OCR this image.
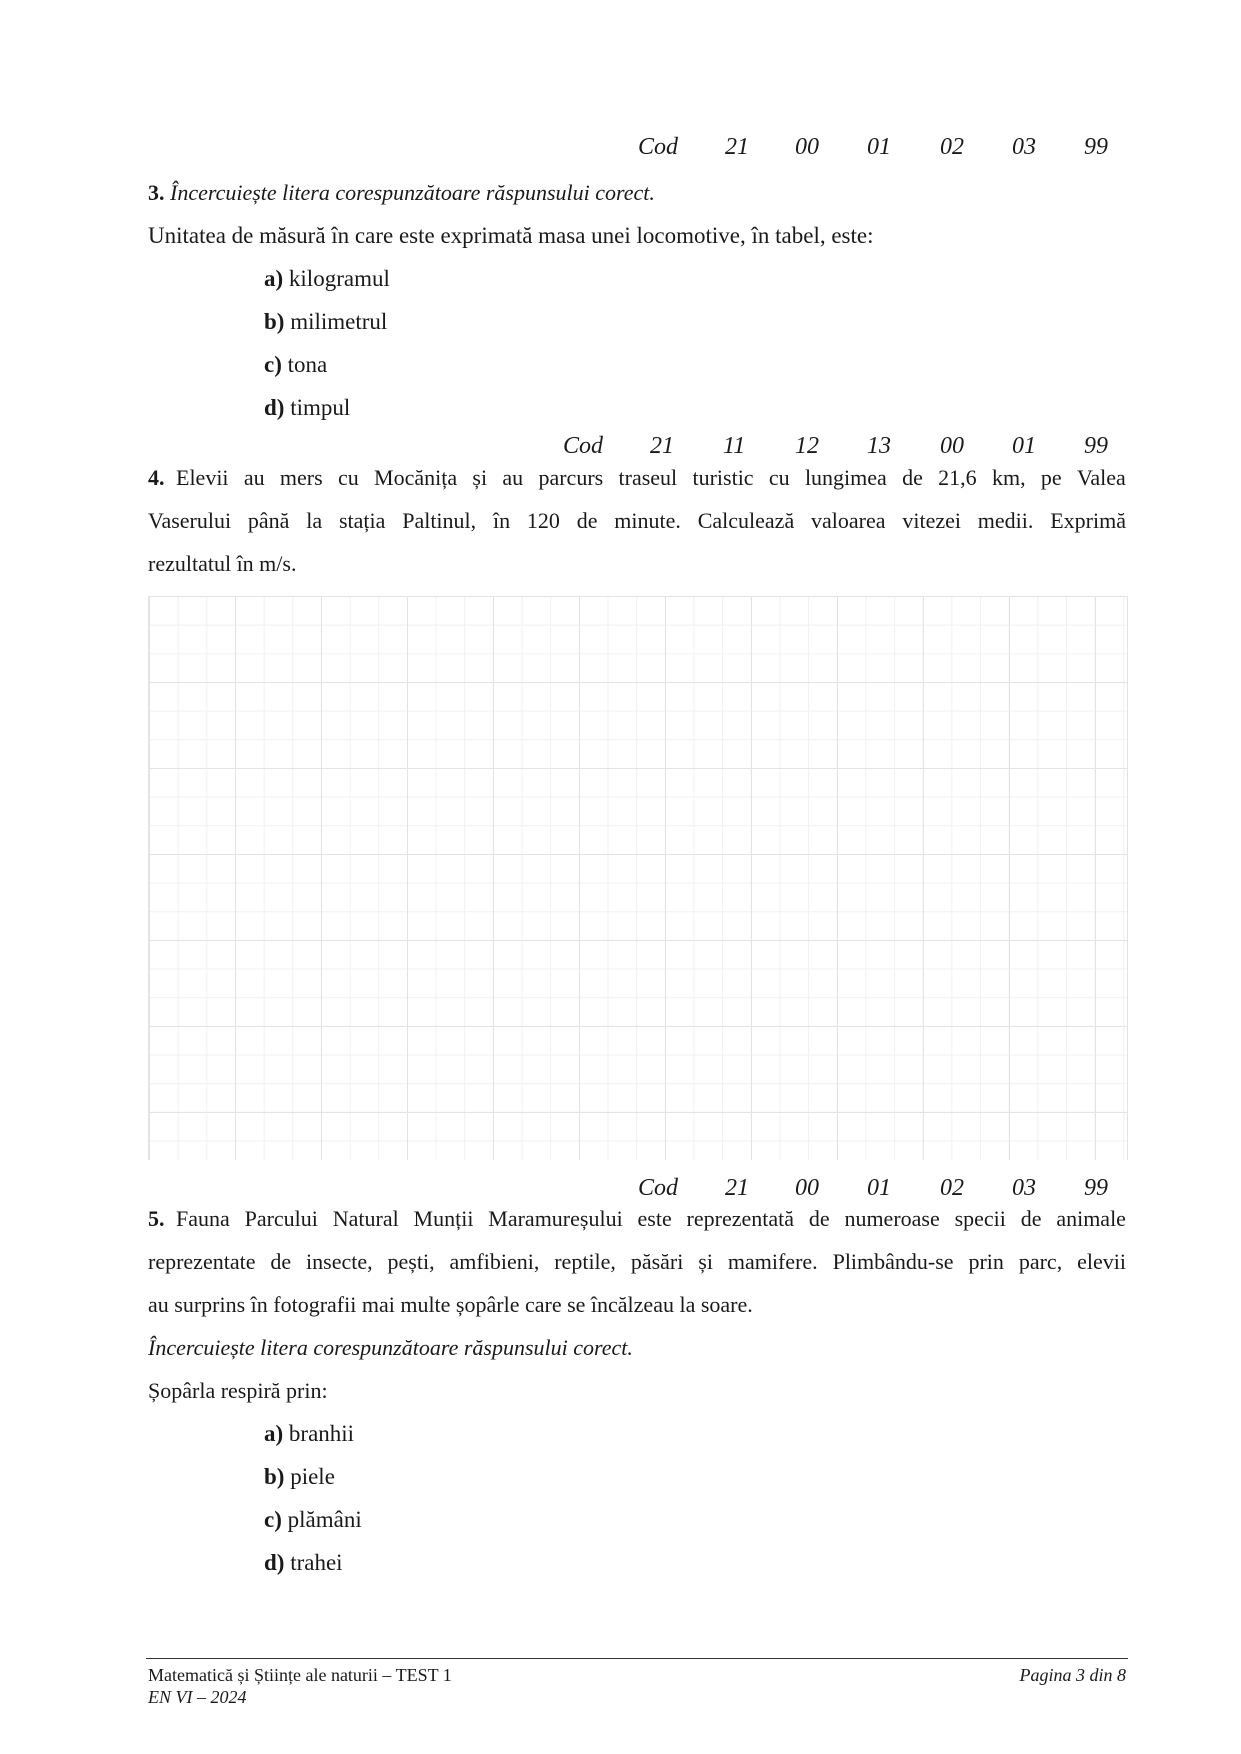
Cod 21 00 01 02 03 99
3. Încercuiește litera corespunzătoare răspunsului corect.
Unitatea de măsură în care este exprimată masa unei locomotive, în tabel, este:
a) kilogramul
b) milimetrul
c) tona
d) timpul
Cod 21 11 12 13 00 01 99
4. Elevii au mers cu Mocănița și au parcurs traseul turistic cu lungimea de 21,6 km, pe Valea
Vaserului până la stația Paltinul, în 120 de minute. Calculează valoarea vitezei medii. Exprimă
rezultatul în m/s.
Cod 21 00 01 02 03 99
5. Fauna Parcului Natural Munții Maramureșului este reprezentată de numeroase specii de animale
reprezentate de insecte, pești, amfibieni, reptile, păsări și mamifere. Plimbându-se prin parc, elevii
au surprins în fotografii mai multe șopârle care se încălzeau la soare.
Încercuiește litera corespunzătoare răspunsului corect.
Șopârla respiră prin:
a) branhii
b) piele
c) plămâni
d) trahei
Matematică și Științe ale naturii – TEST 1
EN VI – 2024
Pagina 3 din 8
